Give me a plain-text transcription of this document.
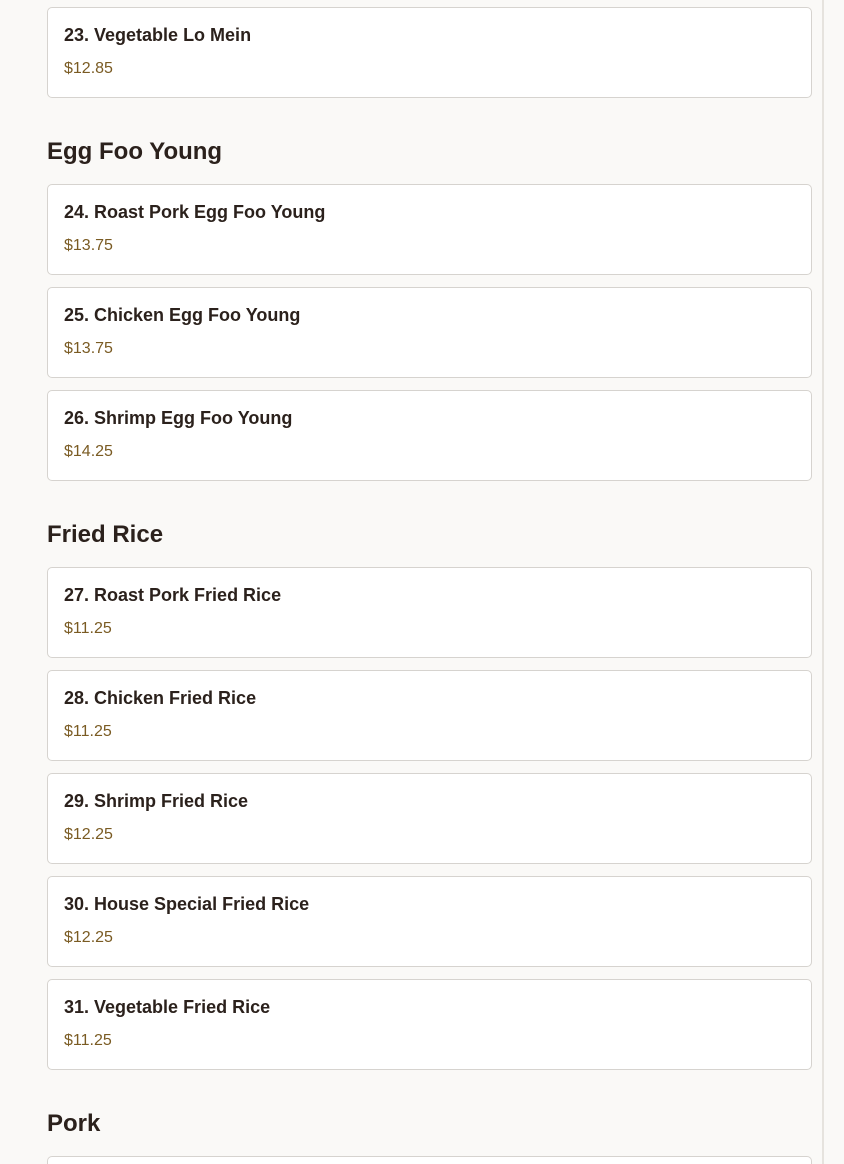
23. Vegetable Lo Mein
$12.85
Egg Foo Young
24. Roast Pork Egg Foo Young
$13.75
25. Chicken Egg Foo Young
$13.75
26. Shrimp Egg Foo Young
$14.25
Fried Rice
27. Roast Pork Fried Rice
$11.25
28. Chicken Fried Rice
$11.25
29. Shrimp Fried Rice
$12.25
30. House Special Fried Rice
$12.25
31. Vegetable Fried Rice
$11.25
Pork
